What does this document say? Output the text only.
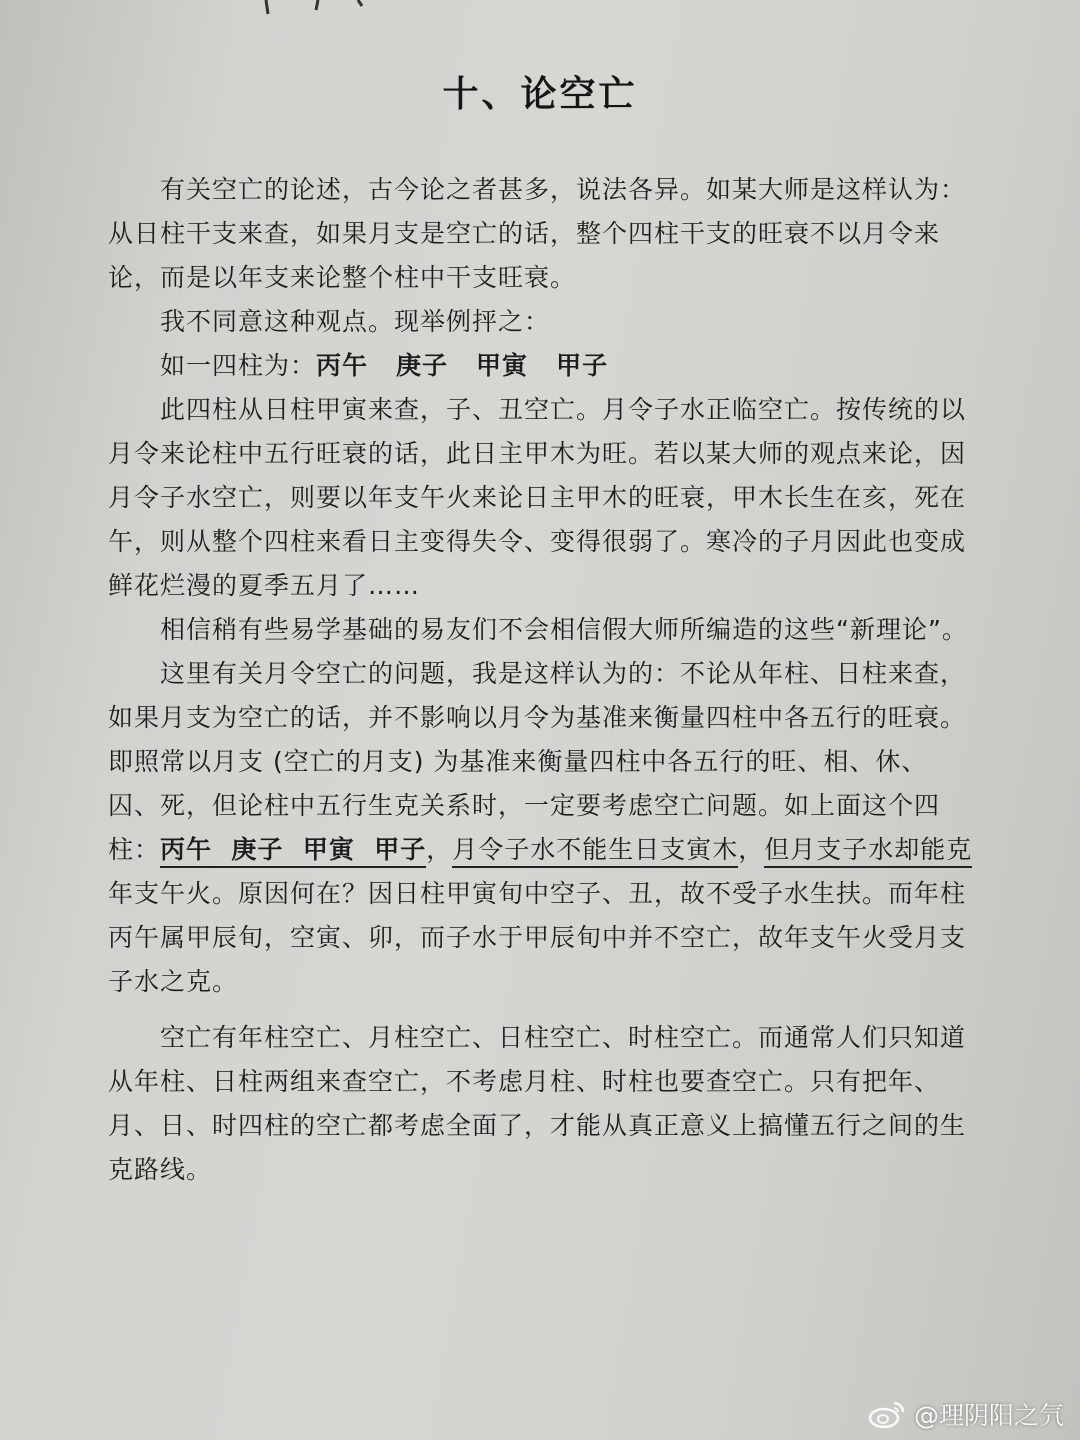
十、论空亡
有关空亡的论述，古今论之者甚多，说法各异。如某大师是这样认为：
从日柱干支来查，如果月支是空亡的话，整个四柱干支的旺衰不以月令来
论，而是以年支来论整个柱中干支旺衰。
我不同意这种观点。现举例抨之：
如一四柱为：丙午 庚子 甲寅 甲子
此四柱从日柱甲寅来查，子、丑空亡。月令子水正临空亡。按传统的以
月令来论柱中五行旺衰的话，此日主甲木为旺。若以某大师的观点来论，因
月令子水空亡，则要以年支午火来论日主甲木的旺衰，甲木长生在亥，死在
午，则从整个四柱来看日主变得失令、变得很弱了。寒冷的子月因此也变成
鲜花烂漫的夏季五月了……
相信稍有些易学基础的易友们不会相信假大师所编造的这些“新理论”。
这里有关月令空亡的问题，我是这样认为的：不论从年柱、日柱来查，
如果月支为空亡的话，并不影响以月令为基准来衡量四柱中各五行的旺衰。
即照常以月支 (空亡的月支) 为基准来衡量四柱中各五行的旺、相、休、
囚、死，但论柱中五行生克关系时，一定要考虑空亡问题。如上面这个四
柱：丙午  庚子  甲寅  甲子，月令子水不能生日支寅木，但月支子水却能克
年支午火。原因何在？因日柱甲寅旬中空子、丑，故不受子水生扶。而年柱
丙午属甲辰旬，空寅、卯，而子水于甲辰旬中并不空亡，故年支午火受月支
子水之克。
空亡有年柱空亡、月柱空亡、日柱空亡、时柱空亡。而通常人们只知道
从年柱、日柱两组来查空亡，不考虑月柱、时柱也要查空亡。只有把年、
月、日、时四柱的空亡都考虑全面了，才能从真正意义上搞懂五行之间的生
克路线。
@理阴阳之氕
